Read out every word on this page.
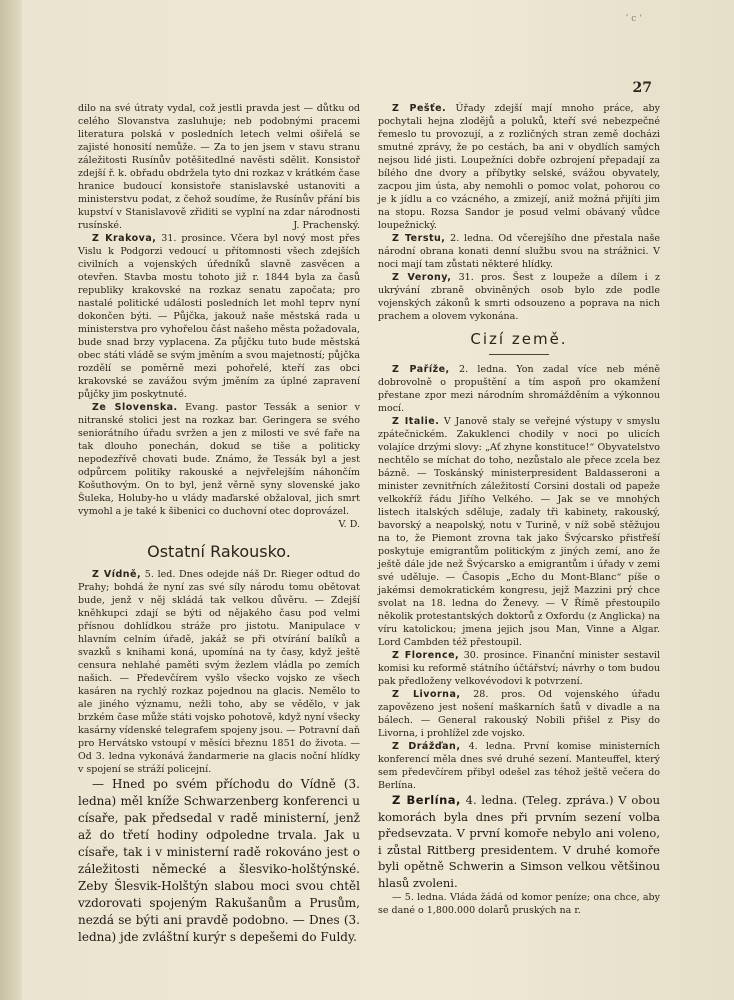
’ c ‘
27

dilo na své útraty vydal, což jestli pravda jest — důtku od celého Slovanstva zasluhuje; neb podobnými pracemi literatura polská v posledních letech velmi ošiřelá se zajisté honosití nemůže. — Za to jen jsem v stavu stranu záležitosti Rusínův potěšitedlné navěsti sdělit. Konsistoř zdejší ř. k. obřadu obdržela tyto dni rozkaz v krátkém čase hranice budoucí konsistoře stanislavské ustanoviti a ministerstvu podat, z čehož soudíme, že Rusínův přání bis kupství v Stanislavově zřiditi se vyplní na zdar národnosti rusínské.	J. Prachenský.

Z Krakova, 31. prosince. Včera byl nový most přes Vislu k Podgorzi vedoucí u přítomnosti všech zdejších civilních a vojenských úředníků slavně zasvěcen a otevřen. Stavba mostu tohoto již r. 1844 byla za časů republiky krakovské na rozkaz senatu započata; pro nastalé politické události posledních let mohl teprv nyní dokončen býti. — Půjčka, jakouž naše městská rada u ministerstva pro vyhořelou část našeho města požadovala, bude snad brzy vyplacena. Za půjčku tuto bude městská obec státi vládě se svým jměním a svou majetností; půjčka rozdělí se poměrně mezi pohořelé, kteří zas obci krakovské se zavážou svým jměním za úplné zapravení půjčky jim poskytnuté.

Ze Slovenska. Evang. pastor Tessák a senior v nitranské stolici jest na rozkaz bar. Geringera se svého seniorátního úřadu svržen a jen z milosti ve své faře na tak dlouho ponechán, dokud se tiše a politicky nepodezřívě chovati bude. Známo, že Tessák byl a jest odpůrcem politiky rakouské a nejvřelejším náhončím Košuthovým. On to byl, jenž věrně syny slovenské jako Šuleka, Holuby-ho u vlády maďarské obžaloval, jich smrt vymohl a je také k šibenici co duchovní otec doprovázel.
V. D.

Ostatní Rakousko.

Z Vídně, 5. led. Dnes odejde náš Dr. Rieger odtud do Prahy; bohdá že nyní zas své síly národu tomu obětovat bude, jenž v něj skládá tak velkou důvěru. — Zdejší kněhkupci zdají se býti od nějakého času pod velmi přísnou dohlídkou stráže pro jistotu. Manipulace v hlavním celním úřadě, jakáž se při otvírání balíků a svazků s knihami koná, upomíná na ty časy, když ještě censura nehlahé paměti svým žezlem vládla po zemích našich. — Předevčírem vyšlo všecko vojsko ze všech kasáren na rychlý rozkaz pojednou na glacis. Nemělo to ale jiného významu, nežli toho, aby se vědělo, v jak brzkém čase může státi vojsko pohotově, když nyní všecky kasárny vídenské telegrafem spojeny jsou. — Potravní daň pro Hervátsko vstoupí v měsíci březnu 1851 do života. — Od 3. ledna vykonává žandarmerie na glacis noční hlídky v spojení se stráží policejní.

— Hned po svém příchodu do Vídně (3. ledna) měl kníže Schwarzenberg konferenci u císaře, pak předsedal v radě ministerní, jenž až do třetí hodiny odpoledne trvala. Jak u císaře, tak i v ministerní radě rokováno jest o záležitosti německé a šlesviko-holštýnské. Zeby Šlesvik-Holštýn slabou moci svou chtěl vzdorovati spojeným Rakušanům a Prusům, nezdá se býti ani pravdě podobno. — Dnes (3. ledna) jde zvláštní kurýr s depešemi do Fuldy.

Z Pešťe. Úřady zdejší mají mnoho práce, aby pochytali hejna zlodějů a poluků, kteří své nebezpečné řemeslo tu provozují, a z rozličných stran země docházi smutné zprávy, že po cestách, ba ani v obydlích samých nejsou lidé jisti. Loupežníci dobře ozbrojení přepadají za bílého dne dvory a příbytky selské, svážou obyvately, zacpou jim ústa, aby nemohli o pomoc volat, pohorou co je k jídlu a co vzácného, a zmizejí, aniž možná přijíti jim na stopu. Rozsa Sandor je posud velmi obávaný vůdce loupežnický.

Z Terstu, 2. ledna. Od včerejšího dne přestala naše národní obrana konati denní službu svou na strážnici. V noci mají tam zůstati některé hlídky.

Z Verony, 31. pros. Šest z loupeže a dílem i z ukrývání zbraně obviněných osob bylo zde podle vojenských zákonů k smrti odsouzeno a poprava na nich prachem a olovem vykonána.

Cizí země.

Z Paříže, 2. ledna. Yon zadal více neb méně dobrovolně o propuštění a tím aspoň pro okamžení přestane zpor mezi národním shromážděním a výkonnou mocí.

Z Italie. V Janově staly se veřejné výstupy v smyslu zpátečnickém. Zakuklenci chodily v noci po ulicích volajíce drzými slovy: „Ať zhyne konstituce!“ Obyvatelstvo nechtělo se míchat do toho, nezůstalo ale přece zcela bez bázně. — Toskánský ministerpresident Baldasseroni a minister zevnitřních záležitostí Corsini dostali od papeže velkokříž řádu Jiřího Velkého. — Jak se ve mnohých listech italských sděluje, zadaly tři kabinety, rakouský, bavorský a neapolský, notu v Turině, v níž sobě stěžujou na to, že Piemont zrovna tak jako Švýcarsko přistřeší poskytuje emigrantům politickým z jiných zemí, ano že ještě dále jde než Švýcarsko a emigrantům i úřady v zemi své uděluje. — Časopis „Echo du Mont-Blanc“ píše o jakémsi demokratickém kongresu, jejž Mazzini prý chce svolat na 18. ledna do Ženevy. — V Římě přestoupilo několik protestantských doktorů z Oxfordu (z Anglicka) na víru katolickou; jmena jejich jsou Man, Vinne a Algar. Lord Cambden též přestoupil.

Z Florence, 30. prosince. Finanční minister sestavil komisi ku reformě státního účtářství; návrhy o tom budou pak předloženy velkovévodovi k potvrzení.

Z Livorna, 28. pros. Od vojenského úřadu zapovězeno jest nošení maškarních šatů v divadle a na bálech. — General rakouský Nobili přišel z Pisy do Livorna, i prohlížel zde vojsko.

Z Drážďan, 4. ledna. První komise ministerních konferencí měla dnes své druhé sezení. Manteuffel, který sem předevčírem přibyl odešel zas téhož ještě večera do Berlína.

Z Berlína, 4. ledna. (Teleg. zpráva.) V obou komorách byla dnes při prvním sezení volba předsevzata. V první komoře nebylo ani voleno, i zůstal Rittberg presidentem. V druhé komoře byli opětně Schwerin a Simson velkou většinou hlasů zvoleni.

— 5. ledna. Vláda žádá od komor peníze; ona chce, aby se dané o 1,800.000 dolarů pruských na r.
